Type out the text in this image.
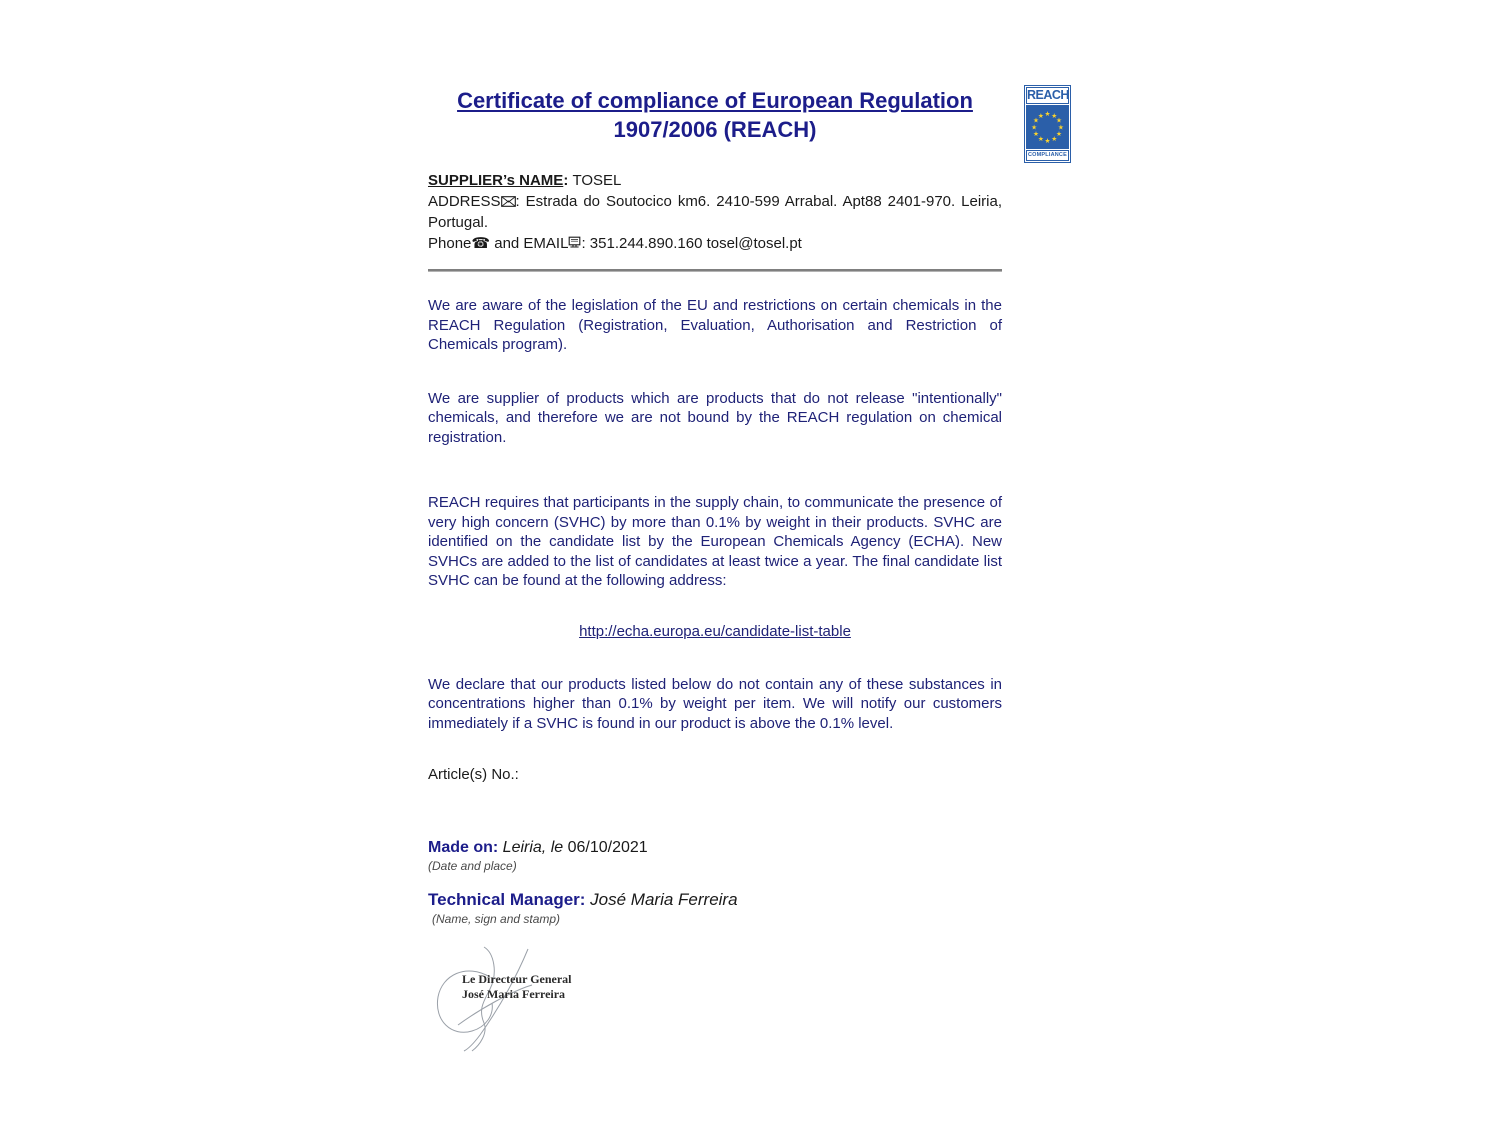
REACH
★ ★
★
★
★
★
★
★
★
★
★
★
COMPLIANCE
Certificate of compliance of European Regulation
1907/2006 (REACH)
SUPPLIER’s NAME: TOSEL
ADDRESS : Estrada do Soutocico km6. 2410-599 Arrabal. Apt88 2401-970. Leiria, Portugal.
Phone☎ and EMAIL : 351.244.890.160 tosel@tosel.pt

We are aware of the legislation of the EU and restrictions on certain chemicals in the REACH Regulation (Registration, Evaluation, Authorisation and Restriction of Chemicals program).

We are supplier of products which are products that do not release "intentionally" chemicals, and therefore we are not bound by the REACH regulation on chemical registration.

REACH requires that participants in the supply chain, to communicate the presence of very high concern (SVHC) by more than 0.1% by weight in their products. SVHC are identified on the candidate list by the European Chemicals Agency (ECHA). New SVHCs are added to the list of candidates at least twice a year. The final candidate list SVHC can be found at the following address:

http://echa.europa.eu/candidate-list-table

We declare that our products listed below do not contain any of these substances in concentrations higher than 0.1% by weight per item. We will notify our customers immediately if a SVHC is found in our product is above the 0.1% level.

Article(s) No.:
Made on: Leiria, le 06/10/2021
(Date and place)
Technical Manager: José Maria Ferreira
(Name, sign and stamp)
Le Directeur General
José Maria Ferreira
